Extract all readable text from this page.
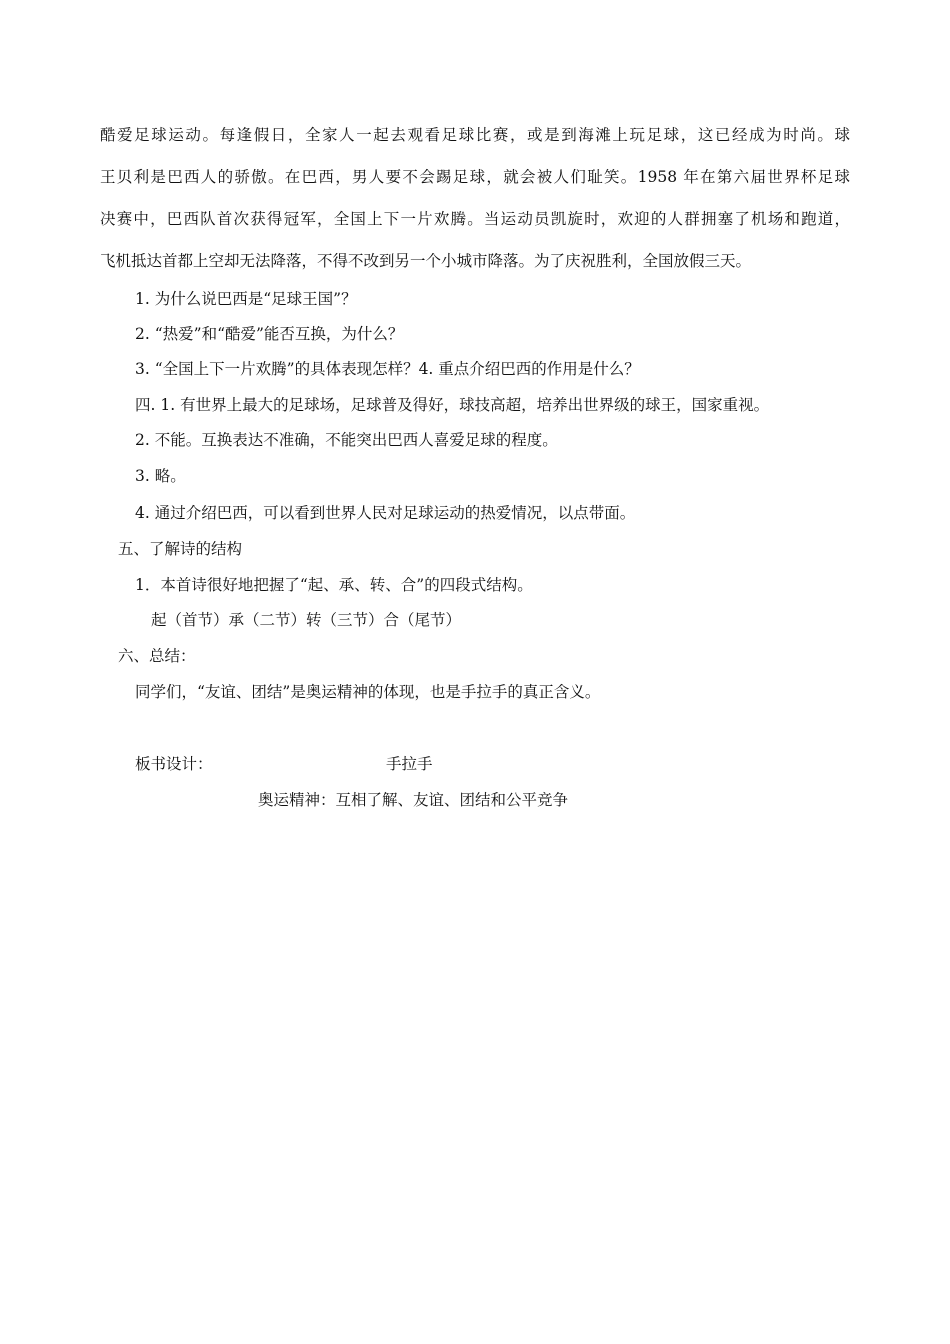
酷爱足球运动。每逢假日，全家人一起去观看足球比赛，或是到海滩上玩足球，这已经成为时尚。球
王贝利是巴西人的骄傲。在巴西，男人要不会踢足球，就会被人们耻笑。1958 年在第六届世界杯足球
决赛中，巴西队首次获得冠军，全国上下一片欢腾。当运动员凯旋时，欢迎的人群拥塞了机场和跑道，
飞机抵达首都上空却无法降落，不得不改到另一个小城市降落。为了庆祝胜利，全国放假三天。
1. 为什么说巴西是“足球王国”？
2. “热爱”和“酷爱”能否互换，为什么？
3. “全国上下一片欢腾”的具体表现怎样？4. 重点介绍巴西的作用是什么？
四. 1. 有世界上最大的足球场，足球普及得好，球技高超，培养出世界级的球王，国家重视。
2. 不能。互换表达不准确，不能突出巴西人喜爱足球的程度。
3. 略。
4. 通过介绍巴西，可以看到世界人民对足球运动的热爱情况，以点带面。
五、了解诗的结构
1．本首诗很好地把握了“起、承、转、合”的四段式结构。
起（首节）承（二节）转（三节）合（尾节）
六、总结：
同学们，“友谊、团结”是奥运精神的体现，也是手拉手的真正含义。
板书设计：	手拉手
奥运精神：互相了解、友谊、团结和公平竞争
